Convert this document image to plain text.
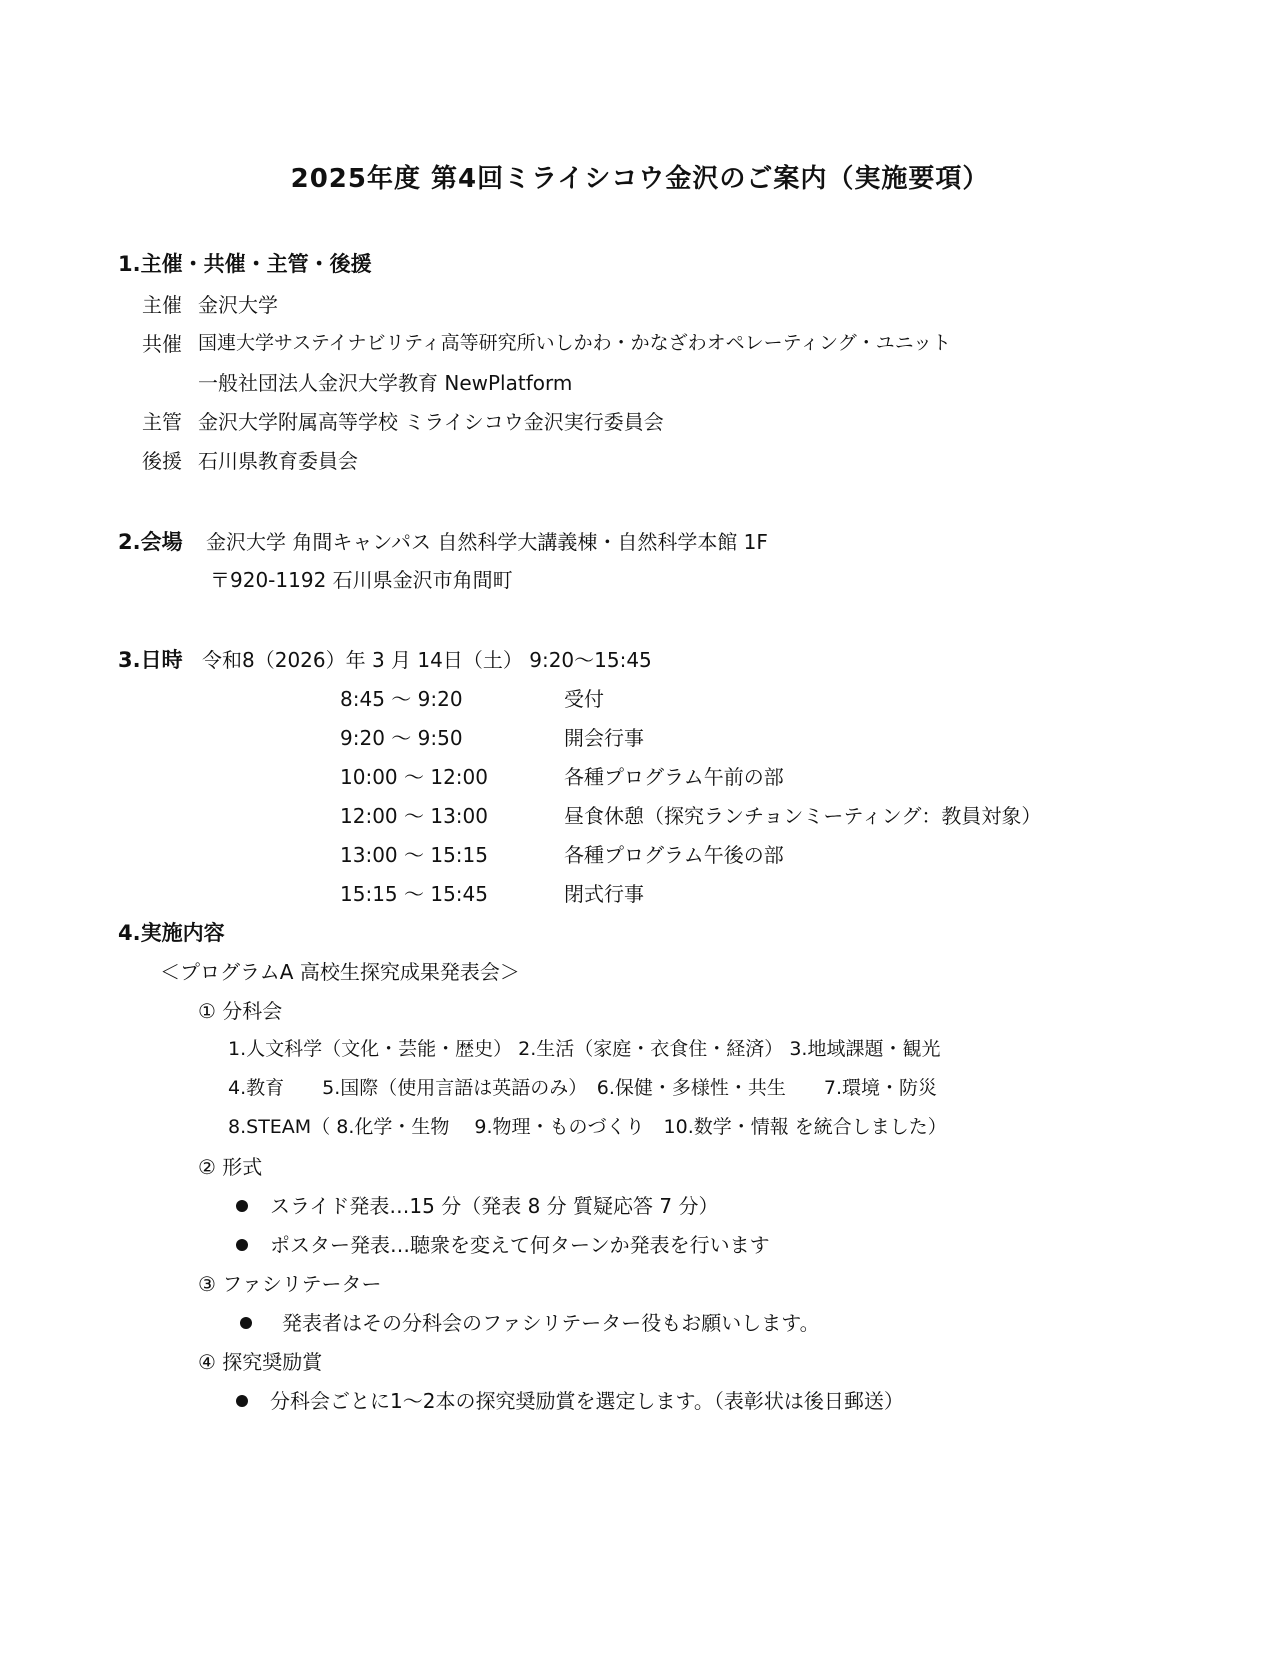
2025年度 第4回ミライシコウ金沢のご案内（実施要項）
1.主催・共催・主管・後援
主催 金沢大学
共催 国連大学サステイナビリティ高等研究所いしかわ・かなざわオペレーティング・ユニット
一般社団法人金沢大学教育 NewPlatform
主管 金沢大学附属高等学校 ミライシコウ金沢実行委員会
後援 石川県教育委員会
2.会場 金沢大学 角間キャンパス 自然科学大講義棟・自然科学本館 1F
〒920-1192 石川県金沢市角間町
3.日時 令和8（2026）年 3 月 14日（土） 9:20～15:45
8:45 ～ 9:20	受付
9:20 ～ 9:50	開会行事
10:00 ～ 12:00	各種プログラム午前の部
12:00 ～ 13:00	昼食休憩（探究ランチョンミーティング：教員対象）
13:00 ～ 15:15	各種プログラム午後の部
15:15 ～ 15:45	閉式行事
4.実施内容
＜プログラムA 高校生探究成果発表会＞
① 分科会
1.人文科学（文化・芸能・歴史） 2.生活（家庭・衣食住・経済） 3.地域課題・観光
4.教育　　5.国際（使用言語は英語のみ）　6.保健・多様性・共生　　7.環境・防災
8.STEAM（ 8.化学・生物　 9.物理・ものづくり　10.数学・情報 を統合しました）
② 形式
スライド発表…15 分（発表 8 分 質疑応答 7 分）
ポスター発表…聴衆を変えて何ターンか発表を行います
③ ファシリテーター
発表者はその分科会のファシリテーター役もお願いします。
④ 探究奨励賞
分科会ごとに1～2本の探究奨励賞を選定します。（表彰状は後日郵送）
